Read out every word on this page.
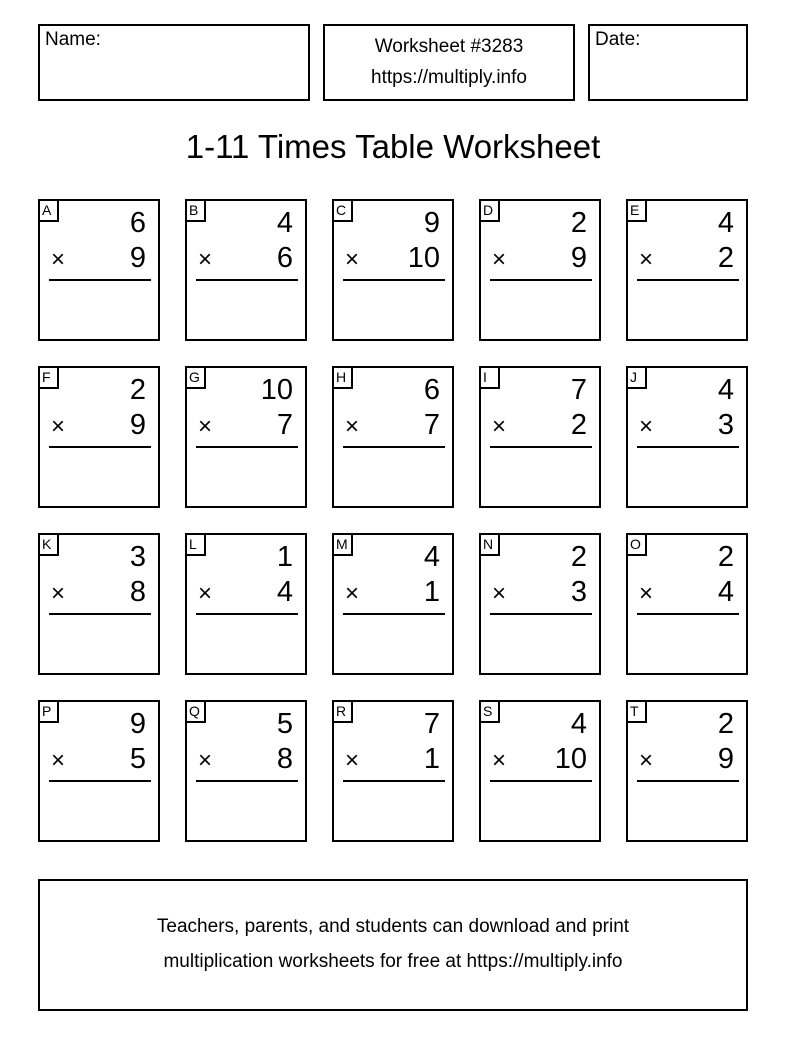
Name:	Worksheet #3283
https://multiply.info
Date:
1-11 Times Table Worksheet
A	6
× 9
B	4
× 6
C	9
× 10
D	2
× 9
E	4
× 2
F	2
× 9
G 10
× 7
H	6
× 7
I	7
× 2
J	4
× 3
K	3
× 8
L	1
× 4
M	4
× 1
N	2
× 3
O	2
× 4
P	9
× 5
Q	5
× 8
R	7
× 1
S	4
× 10
T	2
× 9
Teachers, parents, and students can download and print
multiplication worksheets for free at https://multiply.info
